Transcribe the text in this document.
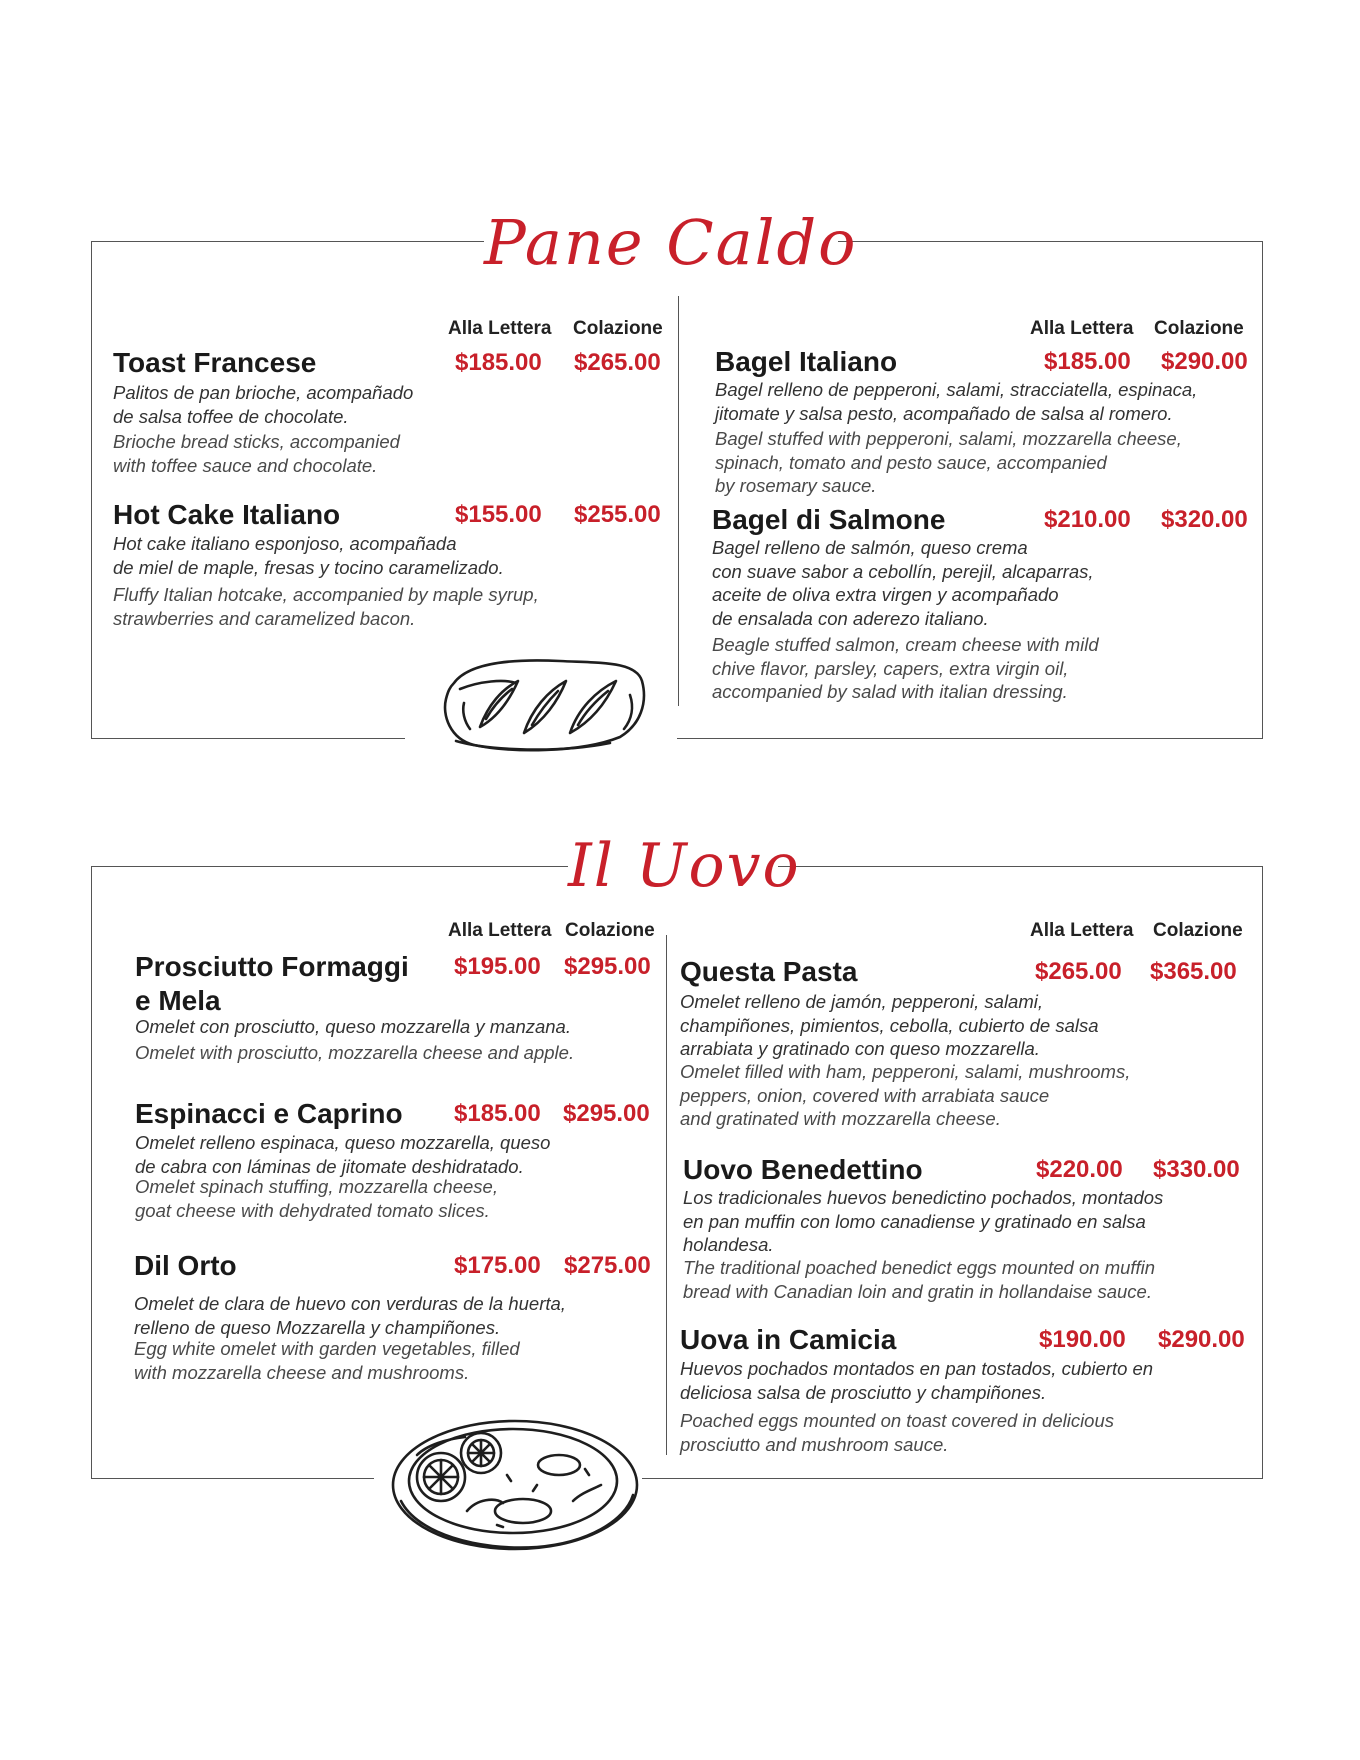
Pane Caldo
Alla Lettera Colazione	Alla Lettera Colazione
Toast Francese	$185.00 $265.00
Palitos de pan brioche, acompañado
de salsa toffee de chocolate.
Brioche bread sticks, accompanied
with toffee sauce and chocolate.
Hot Cake Italiano	$155.00 $255.00
Hot cake italiano esponjoso, acompañada
de miel de maple, fresas y tocino caramelizado.
Fluffy Italian hotcake, accompanied by maple syrup,
strawberries and caramelized bacon.
Bagel Italiano	$185.00 $290.00
Bagel relleno de pepperoni, salami, stracciatella, espinaca,
jitomate y salsa pesto, acompañado de salsa al romero.
Bagel stuffed with pepperoni, salami, mozzarella cheese,
spinach, tomato and pesto sauce, accompanied
by rosemary sauce.
Bagel di Salmone	$210.00 $320.00
Bagel relleno de salmón, queso crema
con suave sabor a cebollín, perejil, alcaparras,
aceite de oliva extra virgen y acompañado
de ensalada con aderezo italiano.
Beagle stuffed salmon, cream cheese with mild
chive flavor, parsley, capers, extra virgin oil,
accompanied by salad with italian dressing.
Il Uovo
Alla Lettera Colazione	Alla Lettera Colazione
Prosciutto Formaggi
e Mela
$195.00 $295.00
Omelet con prosciutto, queso mozzarella y manzana.
Omelet with prosciutto, mozzarella cheese and apple.
Espinacci e Caprino $185.00 $295.00
Omelet relleno espinaca, queso mozzarella, queso
de cabra con láminas de jitomate deshidratado.
Omelet spinach stuffing, mozzarella cheese,
goat cheese with dehydrated tomato slices.
Dil Orto	$175.00 $275.00
Omelet de clara de huevo con verduras de la huerta,
relleno de queso Mozzarella y champiñones.
Egg white omelet with garden vegetables, filled
with mozzarella cheese and mushrooms.
Questa Pasta	$265.00 $365.00
Omelet relleno de jamón, pepperoni, salami,
champiñones, pimientos, cebolla, cubierto de salsa
arrabiata y gratinado con queso mozzarella.
Omelet filled with ham, pepperoni, salami, mushrooms,
peppers, onion, covered with arrabiata sauce
and gratinated with mozzarella cheese.
Uovo Benedettino	$220.00 $330.00
Los tradicionales huevos benedictino pochados, montados
en pan muffin con lomo canadiense y gratinado en salsa
holandesa.
The traditional poached benedict eggs mounted on muffin
bread with Canadian loin and gratin in hollandaise sauce.
Uova in Camicia	$190.00 $290.00
Huevos pochados montados en pan tostados, cubierto en
deliciosa salsa de prosciutto y champiñones.
Poached eggs mounted on toast covered in delicious
prosciutto and mushroom sauce.
